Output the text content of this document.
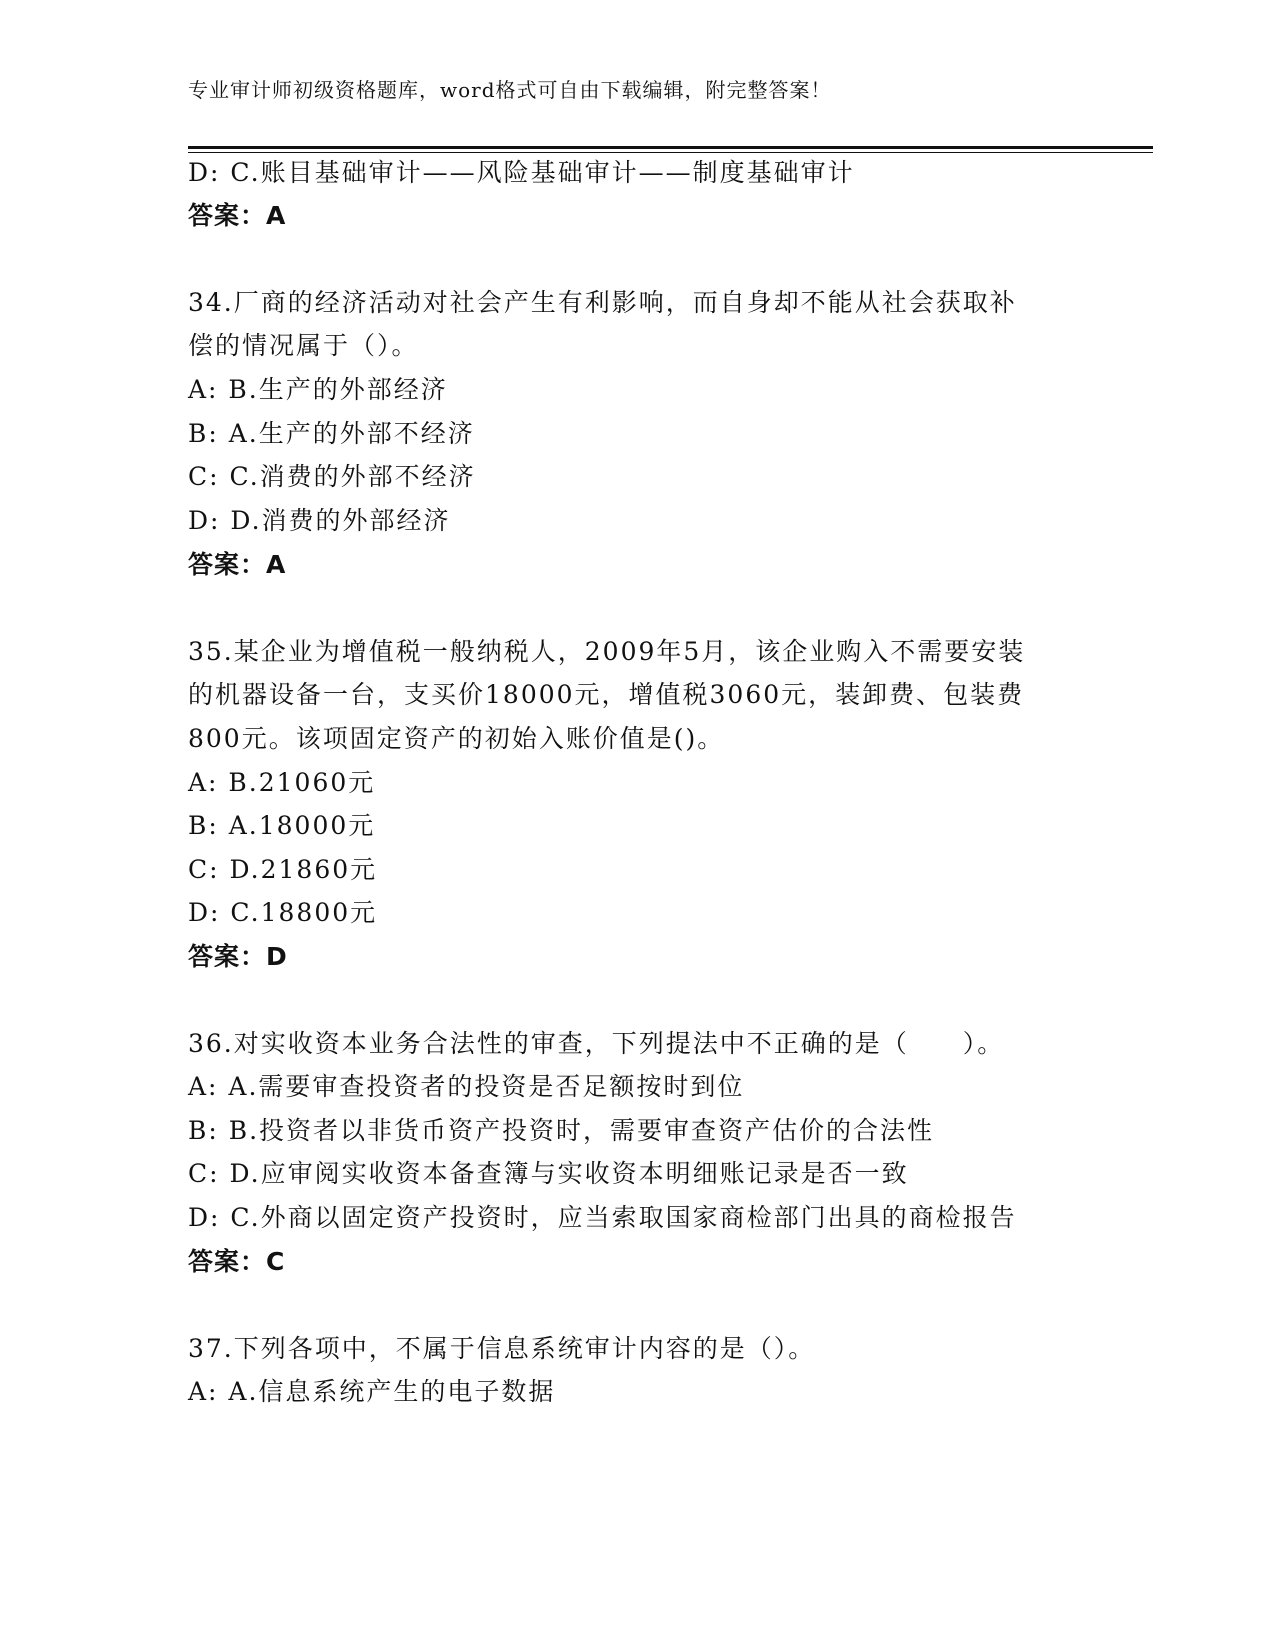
专业审计师初级资格题库，word格式可自由下载编辑，附完整答案！
D: C.账目基础审计——风险基础审计——制度基础审计
答案：A
34.厂商的经济活动对社会产生有利影响，而自身却不能从社会获取补
偿的情况属于（）。
A: B.生产的外部经济
B: A.生产的外部不经济
C: C.消费的外部不经济
D: D.消费的外部经济
答案：A
35.某企业为增值税一般纳税人，2009年5月，该企业购入不需要安装
的机器设备一台，支买价18000元，增值税3060元，装卸费、包装费
800元。该项固定资产的初始入账价值是()。
A: B.21060元
B: A.18000元
C: D.21860元
D: C.18800元
答案：D
36.对实收资本业务合法性的审查，下列提法中不正确的是（　　）。
A: A.需要审查投资者的投资是否足额按时到位
B: B.投资者以非货币资产投资时，需要审查资产估价的合法性
C: D.应审阅实收资本备查簿与实收资本明细账记录是否一致
D: C.外商以固定资产投资时，应当索取国家商检部门出具的商检报告
答案：C
37.下列各项中，不属于信息系统审计内容的是（）。
A: A.信息系统产生的电子数据
